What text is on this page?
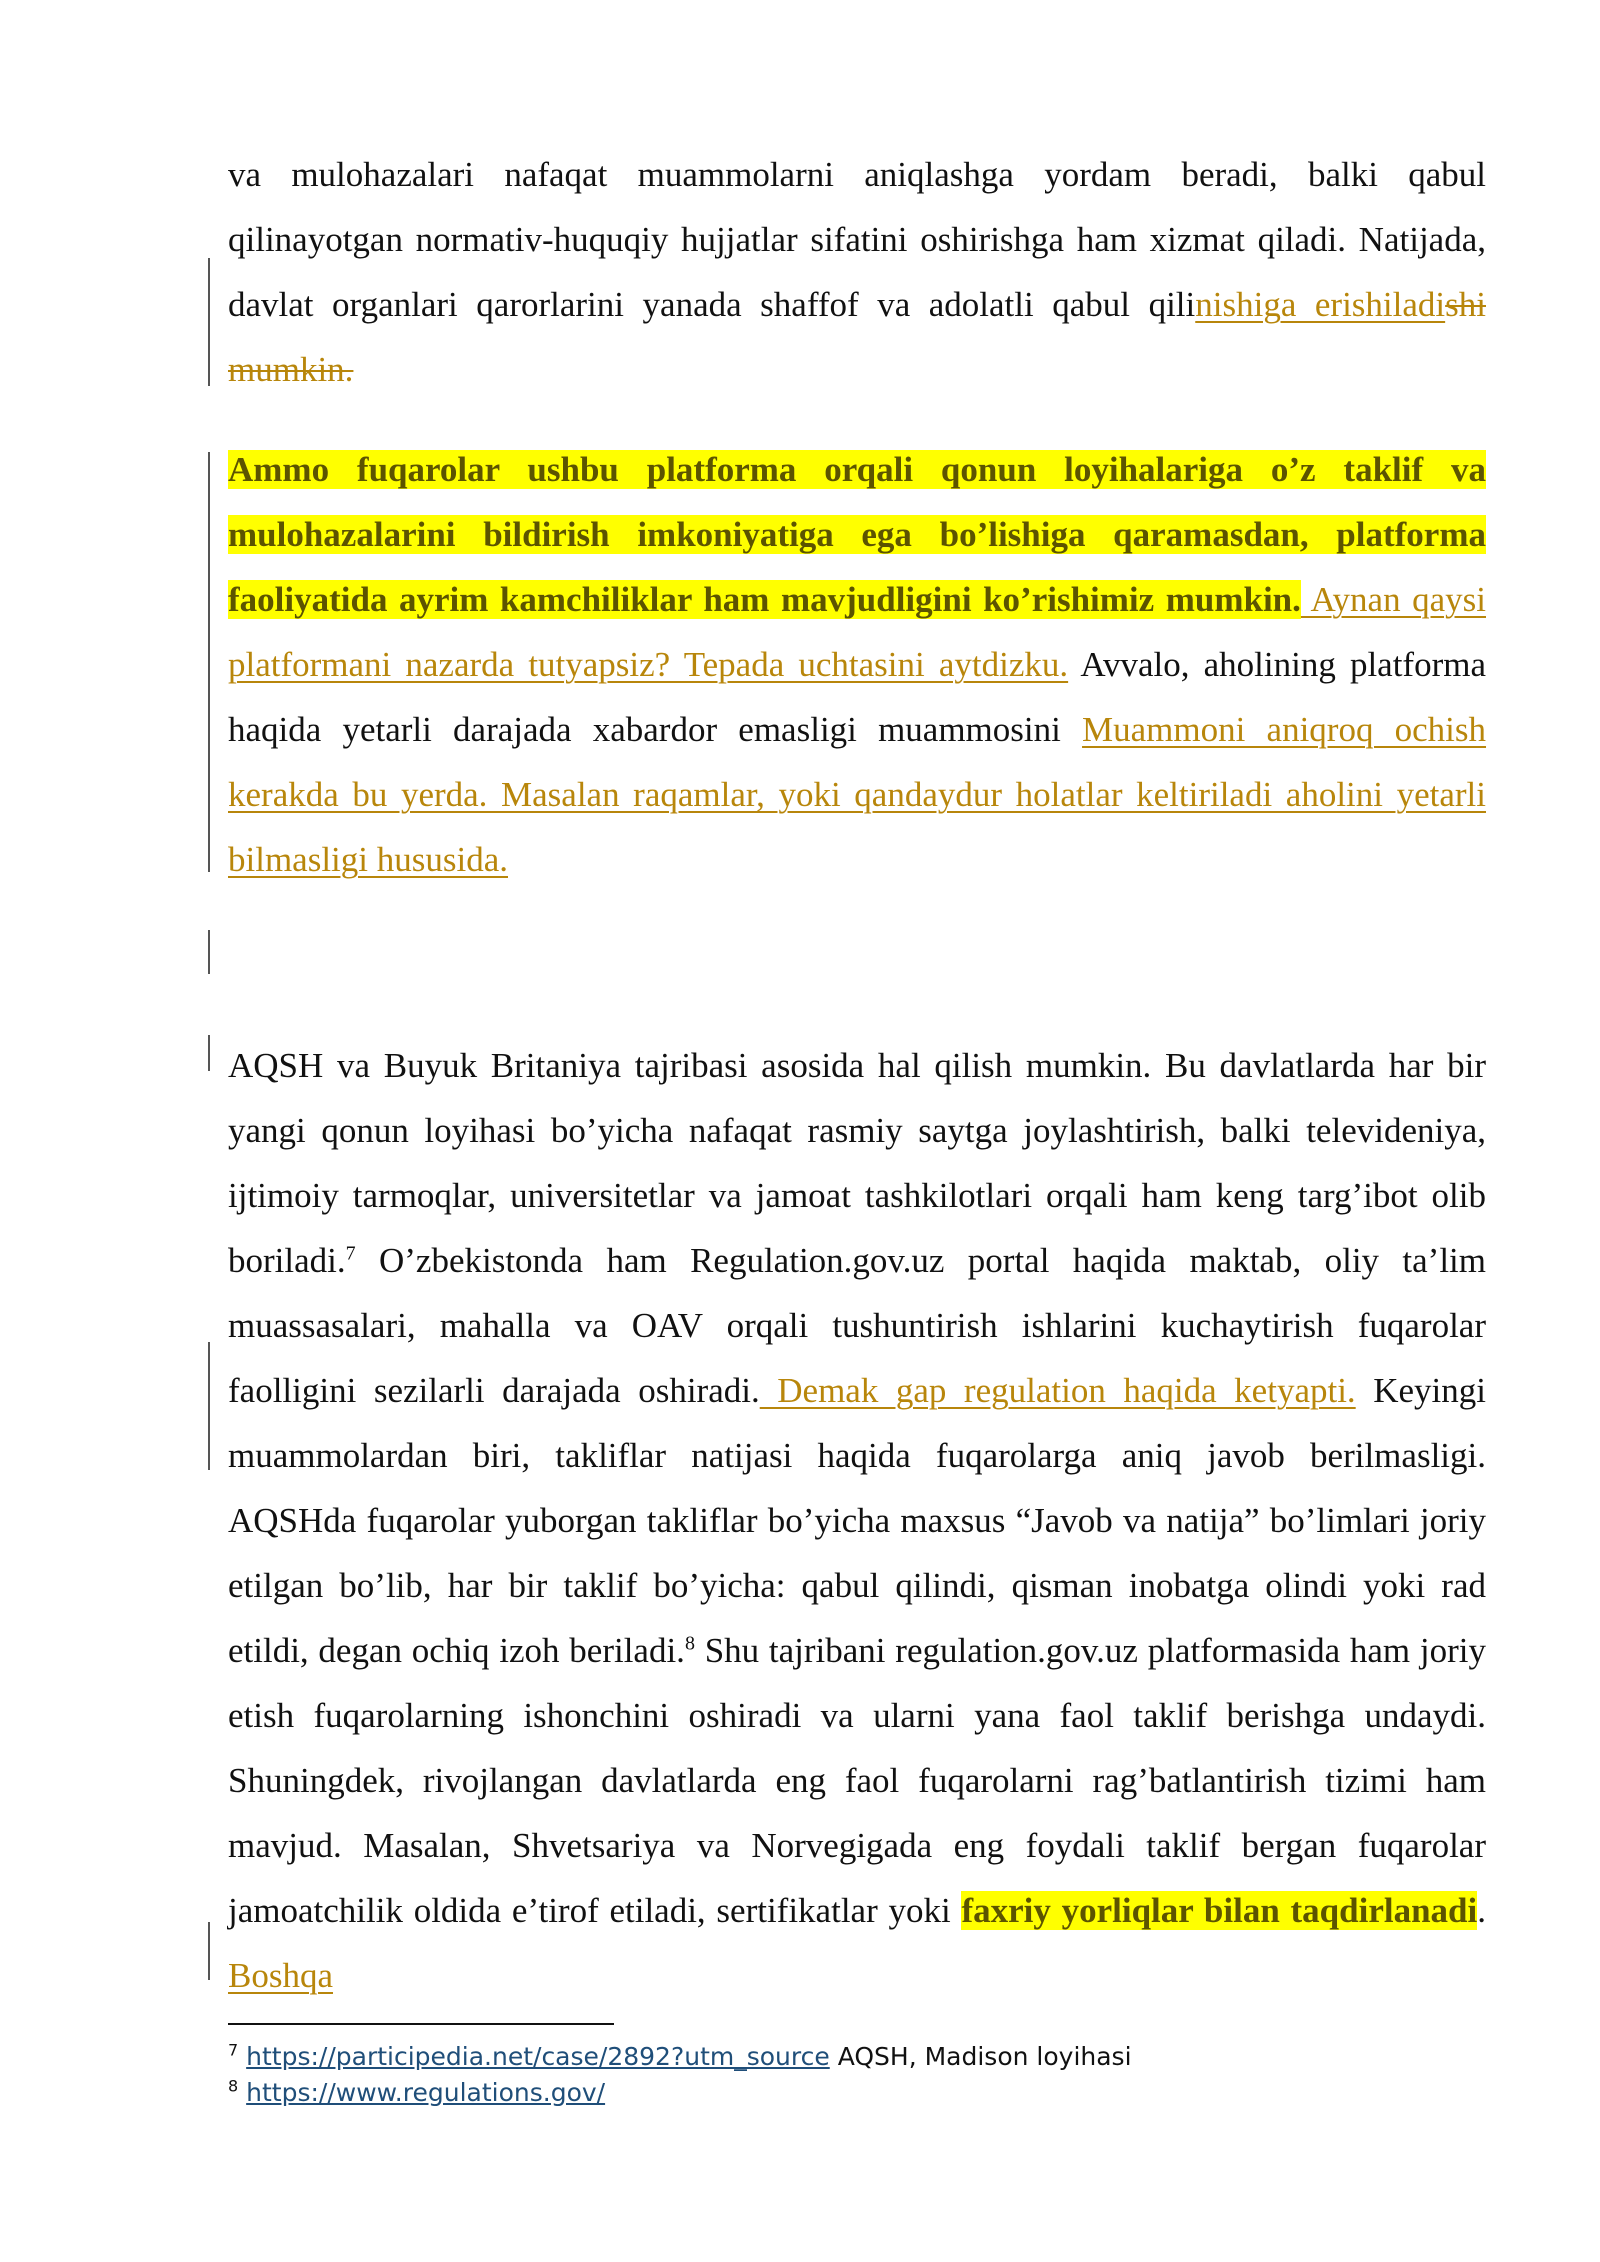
va mulohazalari nafaqat muammolarni aniqlashga yordam beradi, balki qabul qilinayotgan normativ-huquqiy hujjatlar sifatini oshirishga ham xizmat qiladi. Natijada, davlat organlari qarorlarini yanada shaffof va adolatli qabul qilinishiga erishiladishi mumkin.

Ammo fuqarolar ushbu platforma orqali qonun loyihalariga o’z taklif va mulohazalarini bildirish imkoniyatiga ega bo’lishiga qaramasdan, platforma faoliyatida ayrim kamchiliklar ham mavjudligini ko’rishimiz mumkin. Aynan qaysi platformani nazarda tutyapsiz? Tepada uchtasini aytdizku. Avvalo, aholining platforma haqida yetarli darajada xabardor emasligi muammosini Muammoni aniqroq ochish kerakda bu yerda. Masalan raqamlar, yoki qandaydur holatlar keltiriladi aholini yetarli bilmasligi hususida.

AQSH va Buyuk Britaniya tajribasi asosida hal qilish mumkin. Bu davlatlarda har bir yangi qonun loyihasi bo’yicha nafaqat rasmiy saytga joylashtirish, balki televideniya, ijtimoiy tarmoqlar, universitetlar va jamoat tashkilotlari orqali ham keng targ’ibot olib boriladi.$^7$ O’zbekistonda ham Regulation.gov.uz portal haqida maktab, oliy ta’lim muassasalari, mahalla va OAV orqali tushuntirish ishlarini kuchaytirish fuqarolar faolligini sezilarli darajada oshiradi. Demak gap regulation haqida ketyapti. Keyingi muammolardan biri, takliflar natijasi haqida fuqarolarga aniq javob berilmasligi. AQSHda fuqarolar yuborgan takliflar bo’yicha maxsus “Javob va natija” bo’limlari joriy etilgan bo’lib, har bir taklif bo’yicha: qabul qilindi, qisman inobatga olindi yoki rad etildi, degan ochiq izoh beriladi.$^8$ Shu tajribani regulation.gov.uz platformasida ham joriy etish fuqarolarning ishonchini oshiradi va ularni yana faol taklif berishga undaydi. Shuningdek, rivojlangan davlatlarda eng faol fuqarolarni rag’batlantirish tizimi ham mavjud. Masalan, Shvetsariya va Norvegigada eng foydali taklif bergan fuqarolar jamoatchilik oldida e’tirof etiladi, sertifikatlar yoki faxriy yorliqlar bilan taqdirlanadi. Boshqa

$^7$ https://participedia.net/case/2892?utm_source AQSH, Madison loyihasi

$^8$ https://www.regulations.gov/
